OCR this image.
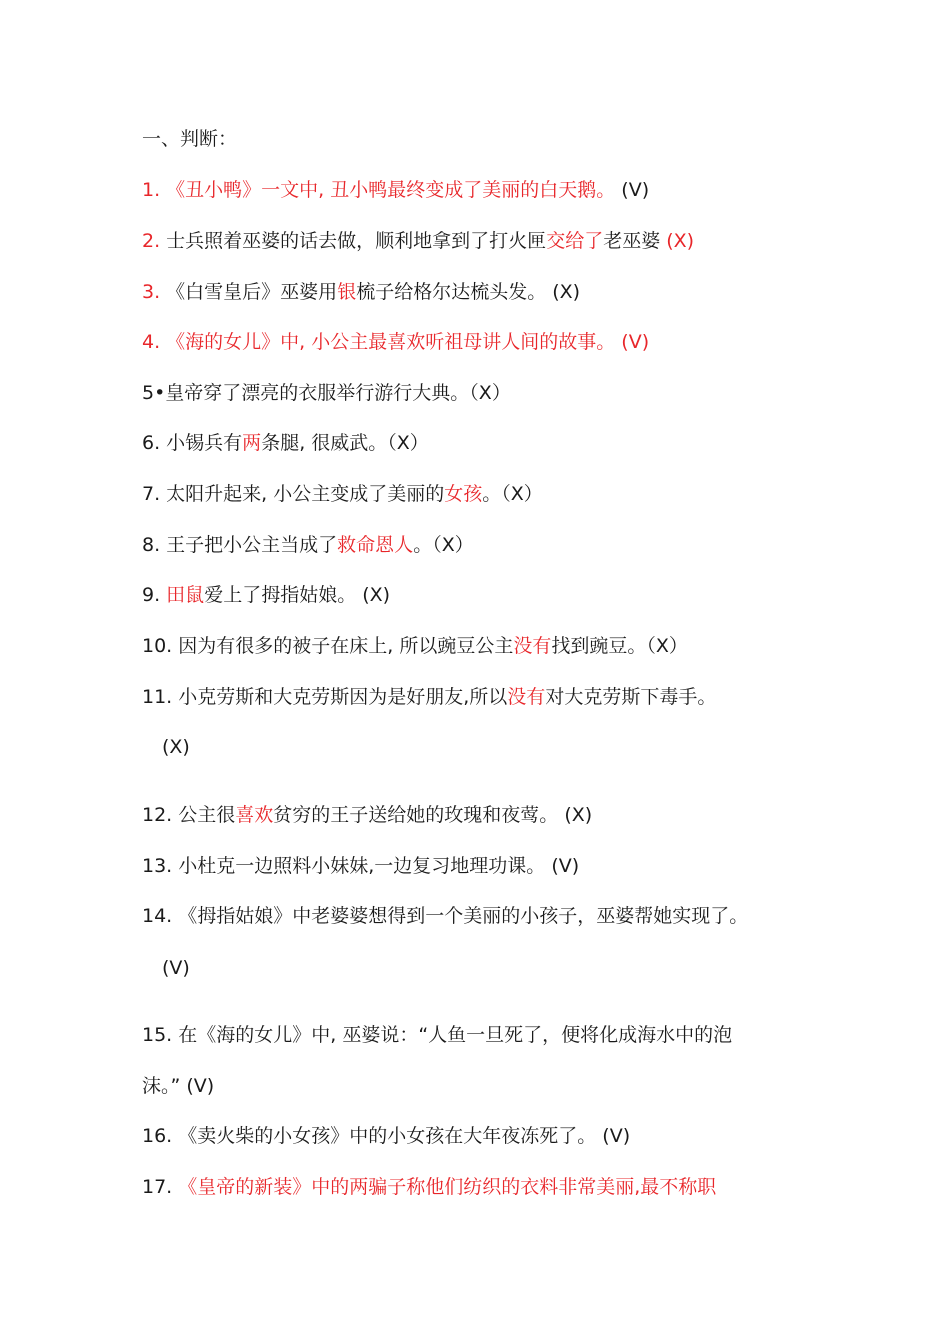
一、判断：
1. 《丑小鸭》一文中, 丑小鸭最终变成了美丽的白天鹅。 (V)
2. 士兵照着巫婆的话去做，顺利地拿到了打火匣交给了老巫婆 (X)
3. 《白雪皇后》巫婆用银梳子给格尔达梳头发。 (X)
4. 《海的女儿》中, 小公主最喜欢听祖母讲人间的故事。 (V)
5•皇帝穿了漂亮的衣服举行游行大典。（X）
6. 小锡兵有两条腿, 很威武。（X）
7. 太阳升起来, 小公主变成了美丽的女孩。（X）
8. 王子把小公主当成了救命恩人。（X）
9. 田鼠爱上了拇指姑娘。 (X)
10. 因为有很多的被子在床上, 所以豌豆公主没有找到豌豆。（X）
11. 小克劳斯和大克劳斯因为是好朋友,所以没有对大克劳斯下毒手。
(X)
12. 公主很喜欢贫穷的王子送给她的玫瑰和夜莺。 (X)
13. 小杜克一边照料小妹妹,一边复习地理功课。 (V)
14. 《拇指姑娘》中老婆婆想得到一个美丽的小孩子，巫婆帮她实现了。
(V)
15. 在《海的女儿》中, 巫婆说：“人鱼一旦死了，便将化成海水中的泡
沫。” (V)
16. 《卖火柴的小女孩》中的小女孩在大年夜冻死了。 (V)
17. 《皇帝的新装》中的两骗子称他们纺织的衣料非常美丽,最不称职
